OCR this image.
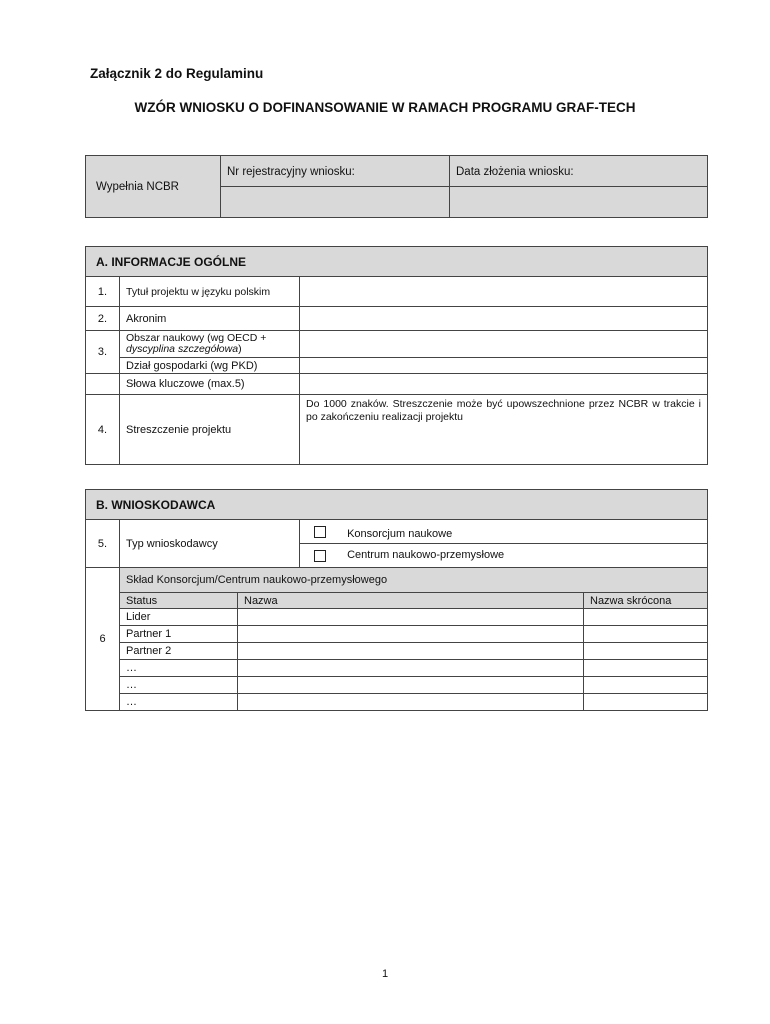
Załącznik 2 do Regulaminu
WZÓR WNIOSKU O DOFINANSOWANIE W RAMACH PROGRAMU GRAF-TECH
Wypełnia NCBR	Nr rejestracyjny wniosku:	Data złożenia wniosku:

A. INFORMACJE OGÓLNE		
1.	Tytuł projektu w języku polskim	
2.	Akronim	
3.	Obszar naukowy (wg OECD +
dyscyplina szczegółowa)	
	Dział gospodarki (wg PKD)	
	Słowa kluczowe (max.5)	
4.	Streszczenie projektu	Do 1000 znaków. Streszczenie może być upowszechnione przez NCBR w trakcie i po zakończeniu realizacji projektu
B. WNIOSKODAWCA				
5.	Typ wnioskodawcy		Konsorcjum naukowe	
			Centrum naukowo-przemysłowe	
6	Skład Konsorcjum/Centrum naukowo-przemysłowego			
	Status	Nazwa		Nazwa skrócona
	Lider			
	Partner 1			
	Partner 2			
	…			
	…			
	…			
1
